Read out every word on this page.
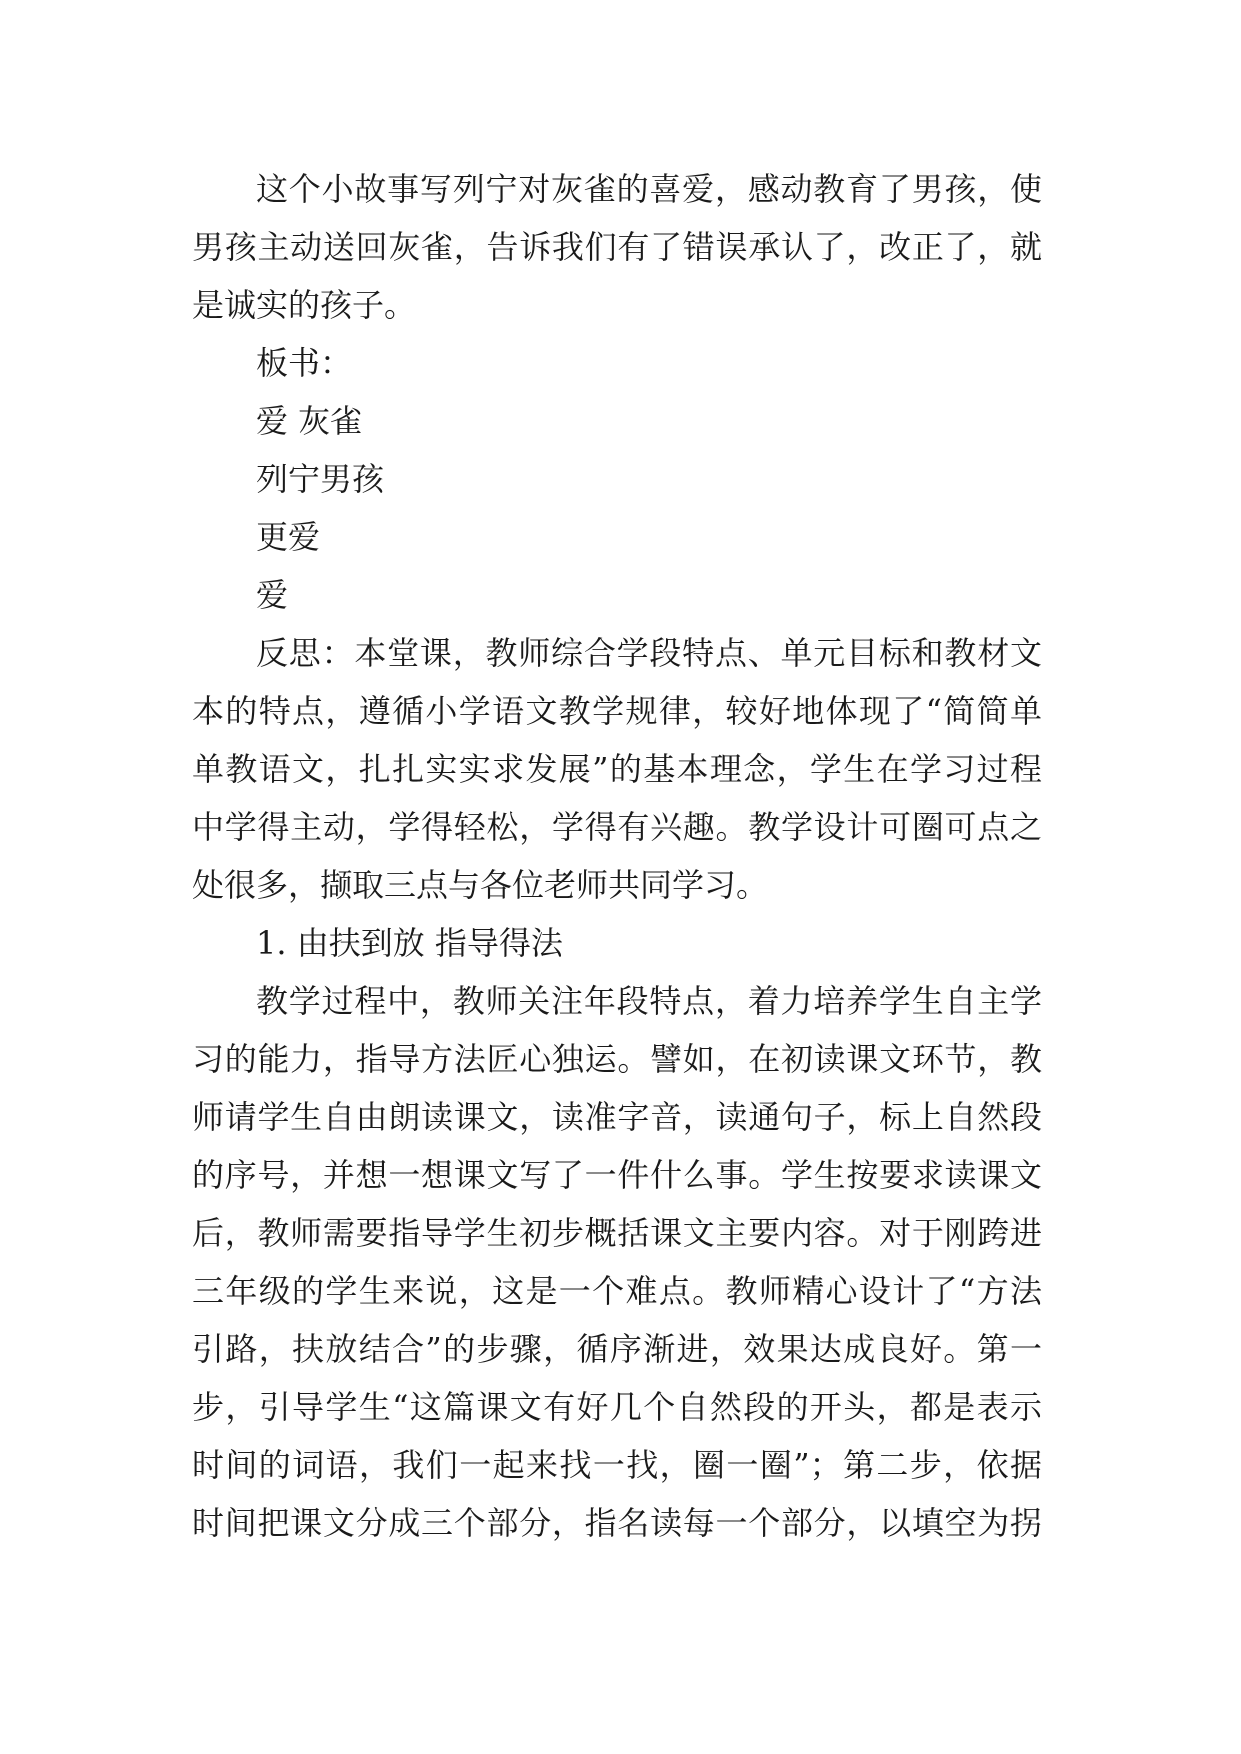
这个小故事写列宁对灰雀的喜爱，感动教育了男孩，使
男孩主动送回灰雀，告诉我们有了错误承认了，改正了，就
是诚实的孩子。
板书：
爱 灰雀
列宁男孩
更爱
爱
反思：本堂课，教师综合学段特点、单元目标和教材文
本的特点，遵循小学语文教学规律，较好地体现了“简简单
单教语文，扎扎实实求发展”的基本理念，学生在学习过程
中学得主动，学得轻松，学得有兴趣。教学设计可圈可点之
处很多，撷取三点与各位老师共同学习。
1. 由扶到放 指导得法
教学过程中，教师关注年段特点，着力培养学生自主学
习的能力，指导方法匠心独运。譬如，在初读课文环节，教
师请学生自由朗读课文，读准字音，读通句子，标上自然段
的序号，并想一想课文写了一件什么事。学生按要求读课文
后，教师需要指导学生初步概括课文主要内容。对于刚跨进
三年级的学生来说，这是一个难点。教师精心设计了“方法
引路，扶放结合”的步骤，循序渐进，效果达成良好。第一
步，引导学生“这篇课文有好几个自然段的开头，都是表示
时间的词语，我们一起来找一找，圈一圈”；第二步，依据
时间把课文分成三个部分，指名读每一个部分，以填空为拐
